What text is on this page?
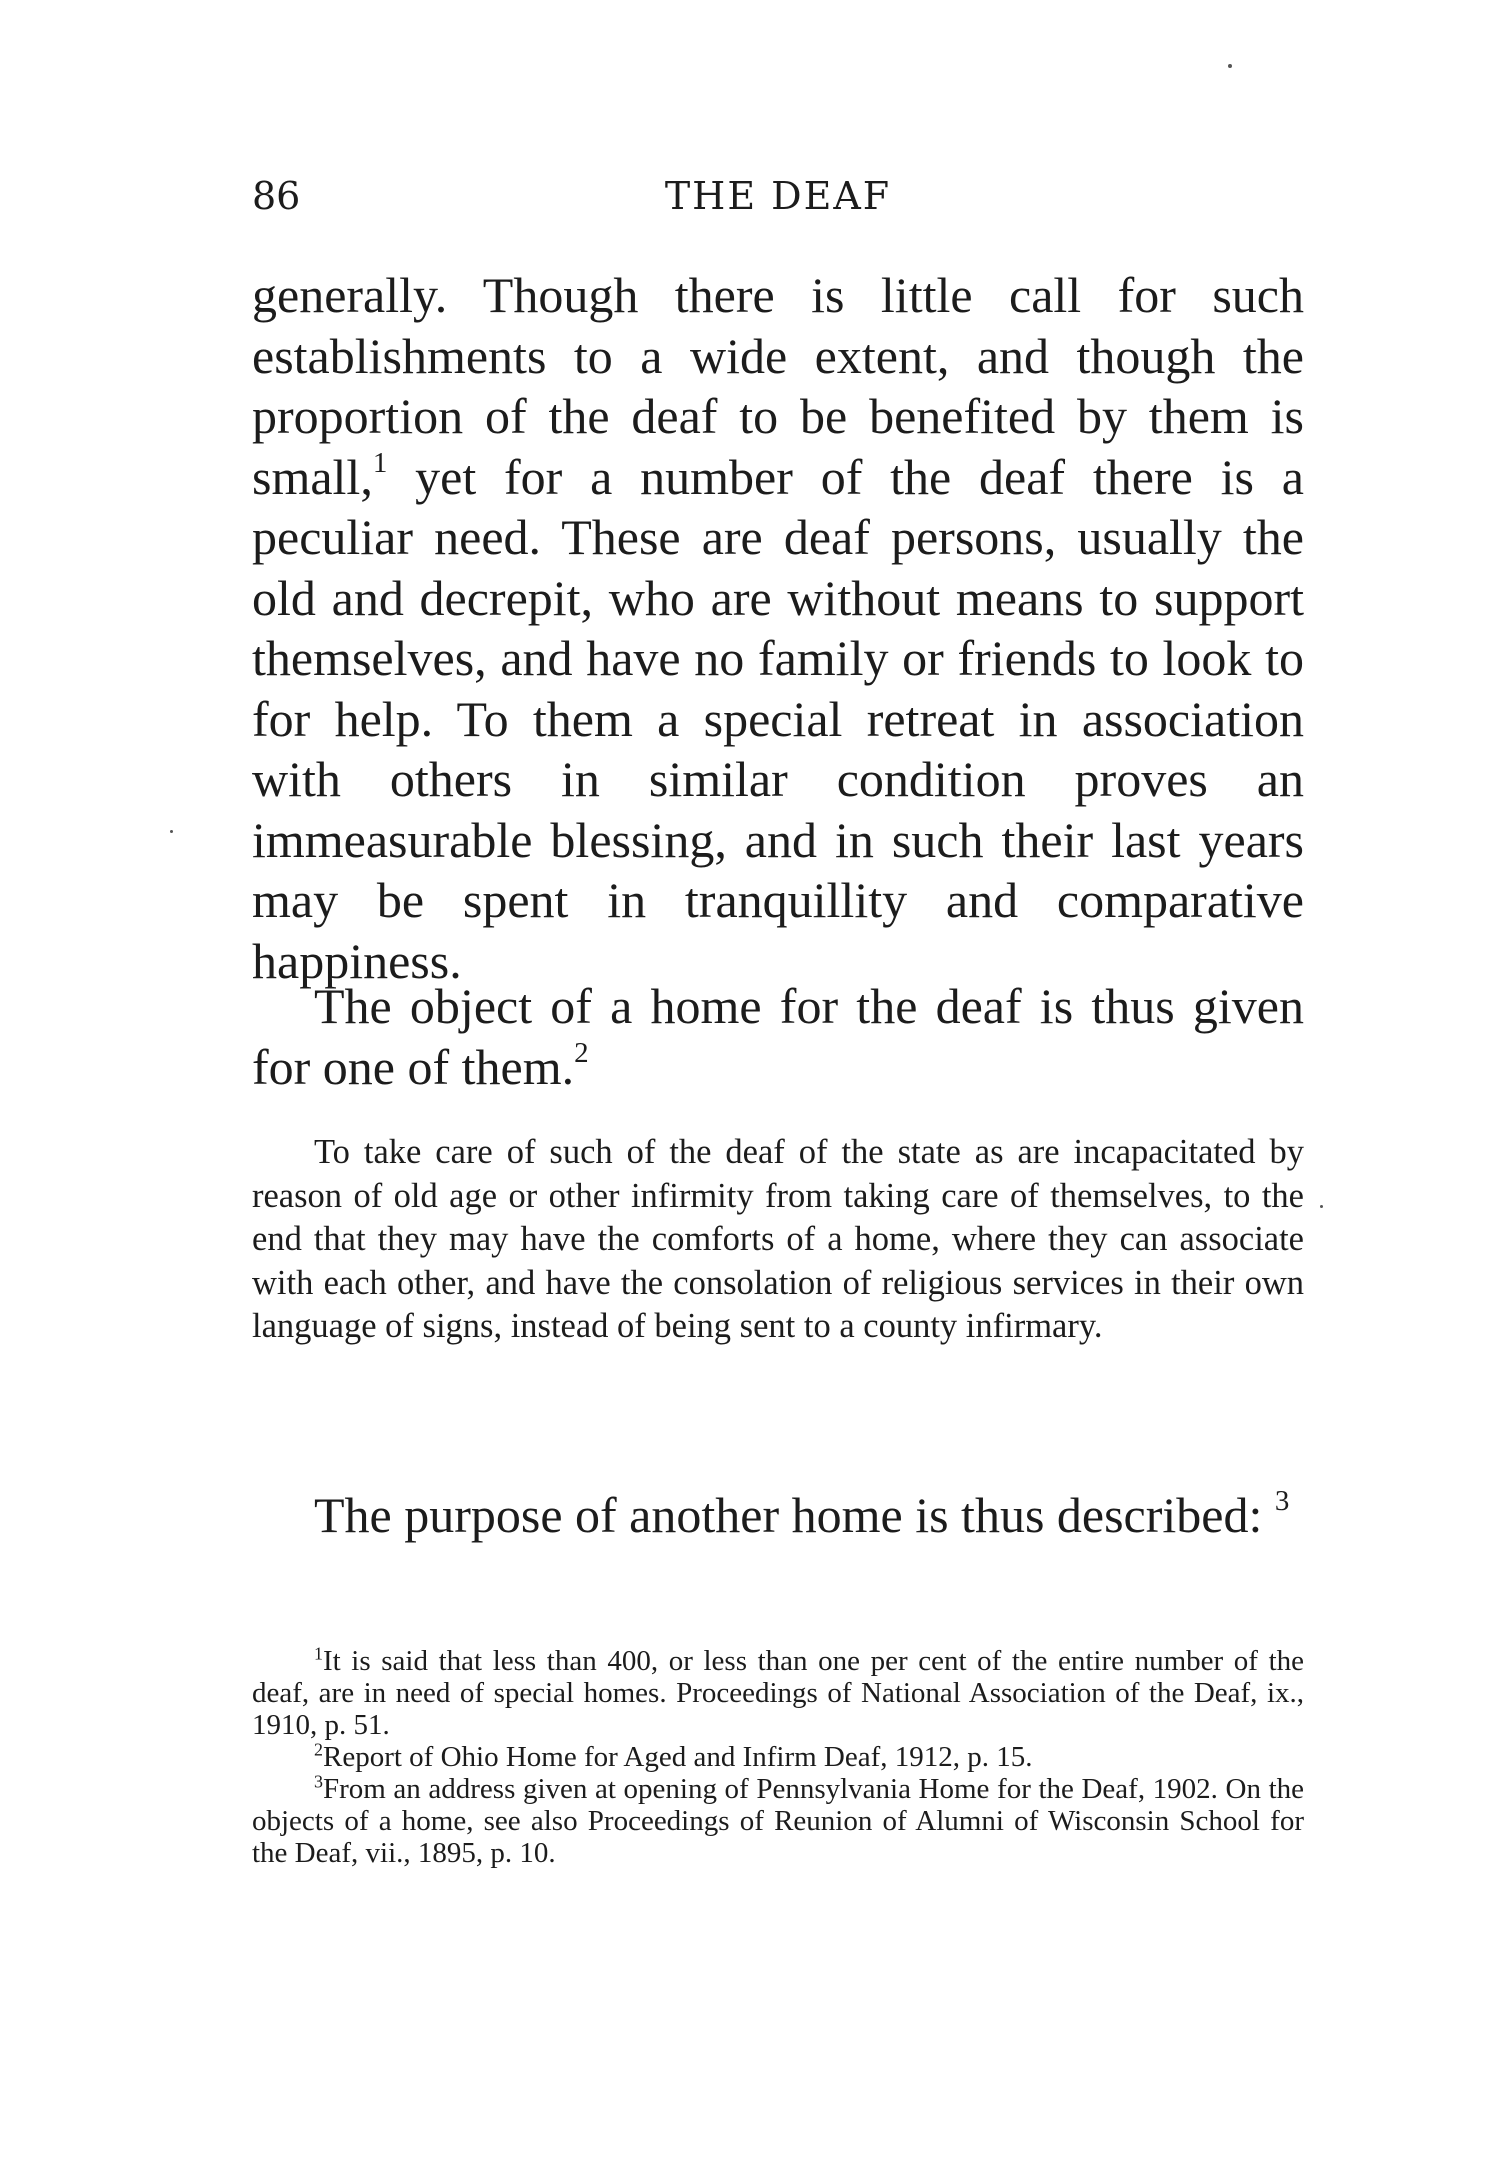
86	THE DEAF

generally. Though there is little call for such establishments to a wide extent, and though the proportion of the deaf to be benefited by them is small,$^1$ yet for a number of the deaf there is a peculiar need. These are deaf persons, usually the old and decrepit, who are without means to support themselves, and have no family or friends to look to for help. To them a special retreat in association with others in similar condition proves an immeasurable blessing, and in such their last years may be spent in tranquillity and comparative happiness.

The object of a home for the deaf is thus given for one of them.$^2$

To take care of such of the deaf of the state as are incapacitated by reason of old age or other infirmity from taking care of themselves, to the end that they may have the comforts of a home, where they can associate with each other, and have the consolation of religious services in their own language of signs, instead of being sent to a county infirmary.

The purpose of another home is thus described: $^3$

$^1$It is said that less than 400, or less than one per cent of the entire number of the deaf, are in need of special homes. Proceedings of National Association of the Deaf, ix., 1910, p. 51.

$^2$Report of Ohio Home for Aged and Infirm Deaf, 1912, p. 15.

$^3$From an address given at opening of Pennsylvania Home for the Deaf, 1902. On the objects of a home, see also Proceedings of Reunion of Alumni of Wisconsin School for the Deaf, vii., 1895, p. 10.
